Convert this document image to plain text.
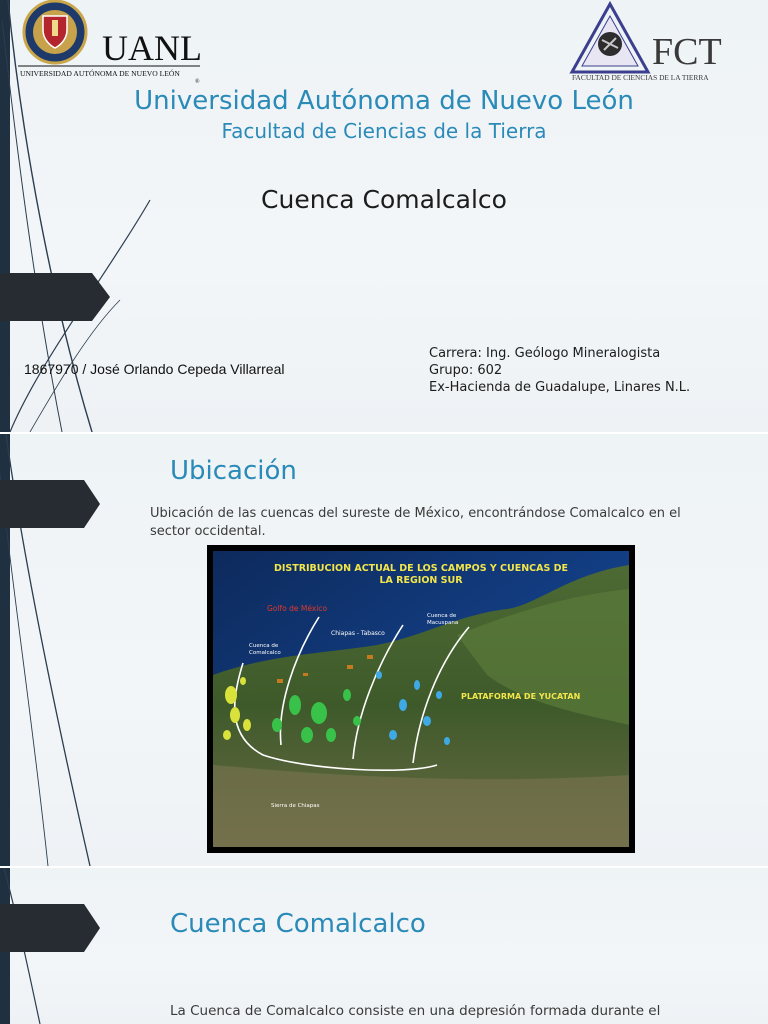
UANL
UNIVERSIDAD AUTÓNOMA DE NUEVO LEÓN
®
FCT
FACULTAD DE CIENCIAS DE LA TIERRA
Universidad Autónoma de Nuevo León
Facultad de Ciencias de la Tierra
Cuenca Comalcalco
1867970 / José Orlando Cepeda Villarreal
Carrera: Ing. Geólogo Mineralogista
Grupo: 602
Ex-Hacienda de Guadalupe, Linares N.L.
Ubicación
Ubicación de las cuencas del sureste de México, encontrándose Comalcalco en el sector occidental.
DISTRIBUCION ACTUAL DE LOS CAMPOS Y CUENCAS DE
LA REGION SUR
Golfo de México
Cuenca de
Macuspana
Chiapas - Tabasco
Cuenca de
Comalcalco
PLATAFORMA DE YUCATAN
Sierra de Chiapas
Cuenca Comalcalco
La Cuenca de Comalcalco consiste en una depresión formada durante el
